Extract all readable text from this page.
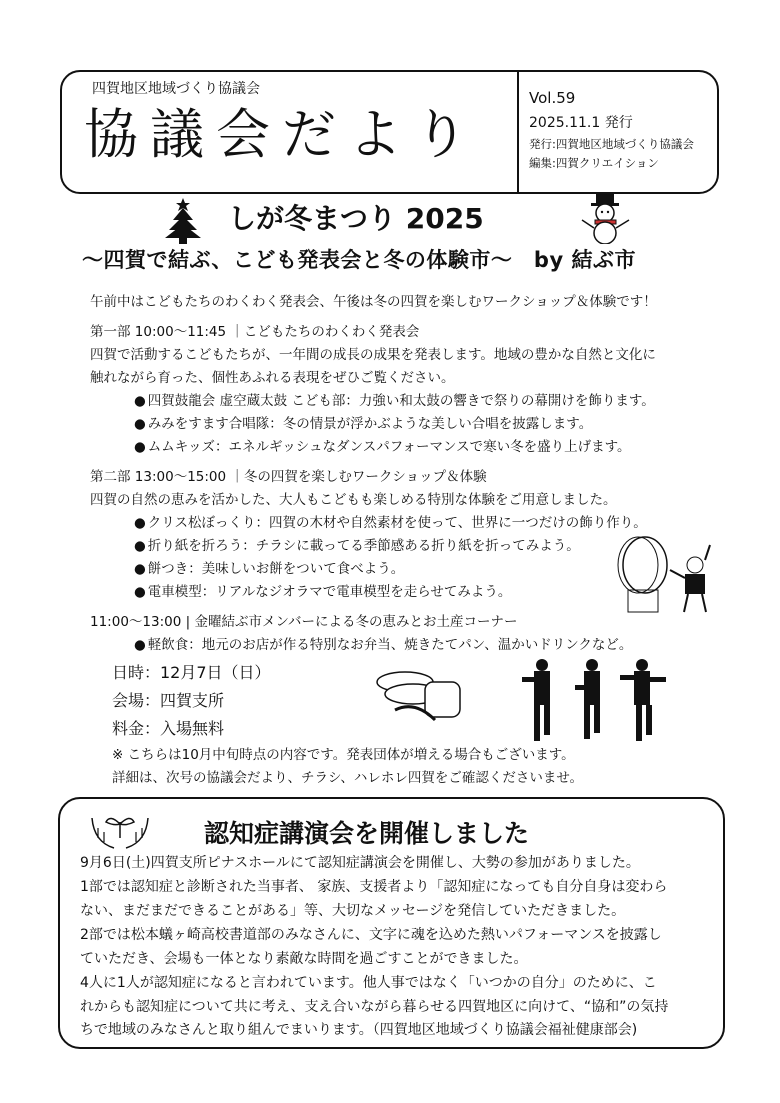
四賀地区地域づくり協議会
協議会だより
Vol.59
2025.11.1 発行
発行:四賀地区地域づくり協議会
編集:四賀クリエイション
しが冬まつり 2025
〜四賀で結ぶ、こども発表会と冬の体験市〜　by 結ぶ市
午前中はこどもたちのわくわく発表会、午後は冬の四賀を楽しむワークショップ＆体験です！
第一部 10:00〜11:45 ｜こどもたちのわくわく発表会
四賀で活動するこどもたちが、一年間の成長の成果を発表します。地域の豊かな自然と文化に
触れながら育った、個性あふれる表現をぜひご覧ください。
● 四賀鼓龍会 虚空蔵太鼓 こども部：力強い和太鼓の響きで祭りの幕開けを飾ります。
● みみをすます合唱隊：冬の情景が浮かぶような美しい合唱を披露します。
● ムムキッズ：エネルギッシュなダンスパフォーマンスで寒い冬を盛り上げます。
第二部 13:00〜15:00 ｜冬の四賀を楽しむワークショップ＆体験
四賀の自然の恵みを活かした、大人もこどもも楽しめる特別な体験をご用意しました。
● クリス松ぼっくり：四賀の木材や自然素材を使って、世界に一つだけの飾り作り。
● 折り紙を折ろう：チラシに載ってる季節感ある折り紙を折ってみよう。
● 餅つき：美味しいお餅をついて食べよう。
● 電車模型：リアルなジオラマで電車模型を走らせてみよう。
11:00〜13:00 | 金曜結ぶ市メンバーによる冬の恵みとお土産コーナー
● 軽飲食：地元のお店が作る特別なお弁当、焼きたてパン、温かいドリンクなど。
日時：12月7日（日）
会場：四賀支所
料金：入場無料
※ こちらは10月中旬時点の内容です。発表団体が増える場合もございます。
詳細は、次号の協議会だより、チラシ、ハレホレ四賀をご確認くださいませ。
認知症講演会を開催しました
9月6日(土)四賀支所ピナスホールにて認知症講演会を開催し、大勢の参加がありました。
1部では認知症と診断された当事者、 家族、支援者より「認知症になっても自分自身は変わら
ない、まだまだできることがある」等、大切なメッセージを発信していただきました。
2部では松本蟻ヶ崎高校書道部のみなさんに、文字に魂を込めた熱いパフォーマンスを披露し
ていただき、会場も一体となり素敵な時間を過ごすことができました。
4人に1人が認知症になると言われています。他人事ではなく「いつかの自分」のために、こ
れからも認知症について共に考え、支え合いながら暮らせる四賀地区に向けて、“協和”の気持
ちで地域のみなさんと取り組んでまいります。（四賀地区地域づくり協議会福祉健康部会)
